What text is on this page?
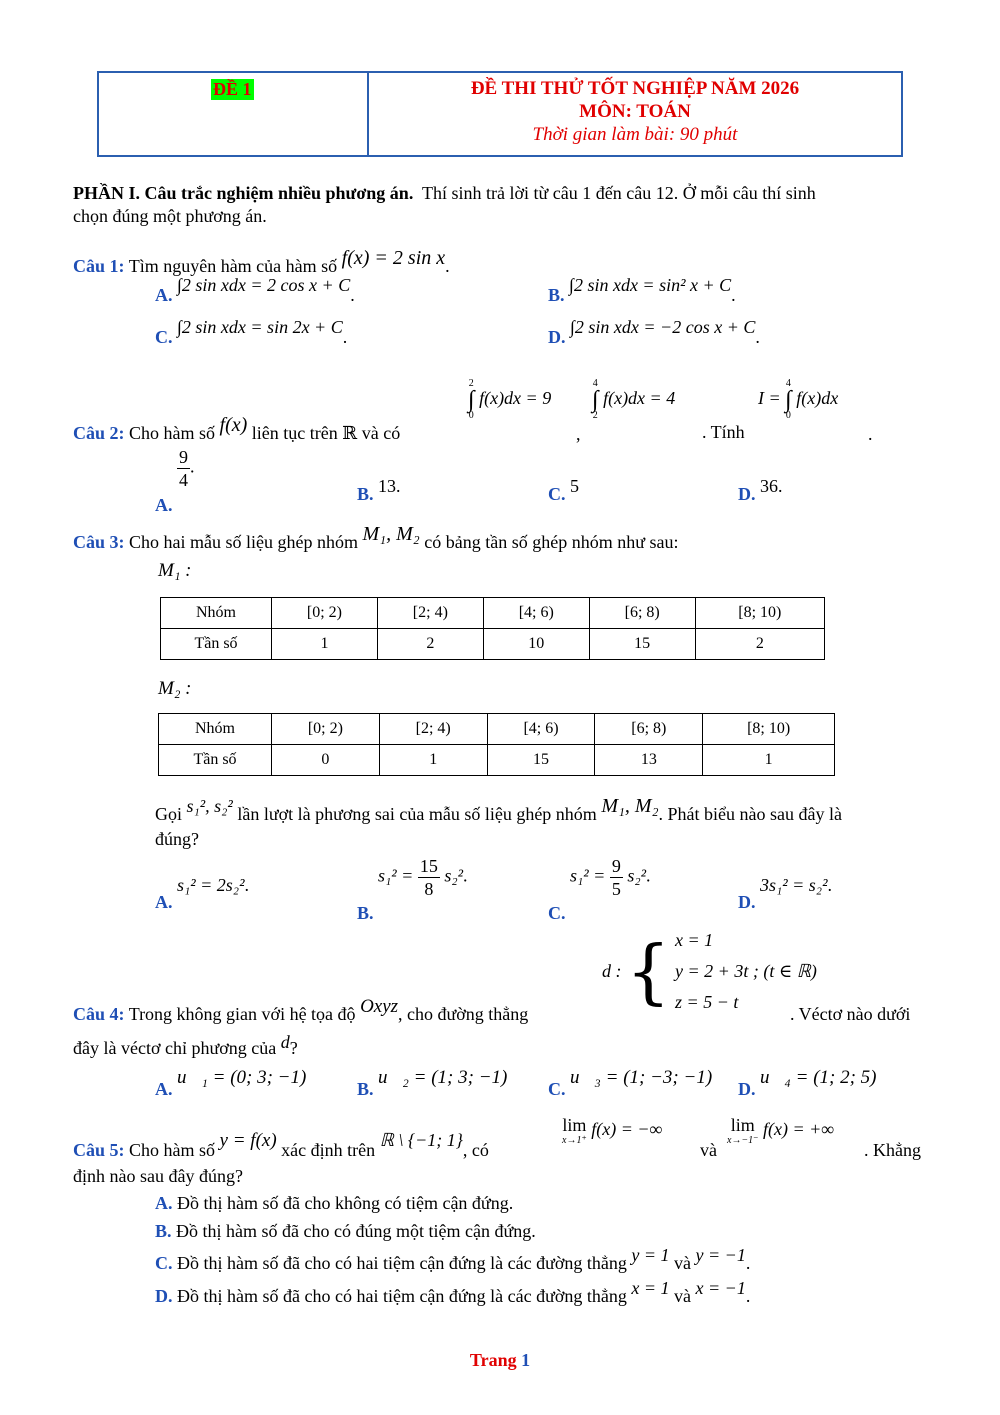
ĐỀ 1	ĐỀ THI THỬ TỐT NGHIỆP NĂM 2026
MÔN: TOÁN
Thời gian làm bài: 90 phút
PHẦN I. Câu trắc nghiệm nhiều phương án. Thí sinh trả lời từ câu 1 đến câu 12. Ở mỗi câu thí sinh
chọn đúng một phương án.
Câu 1: Tìm nguyên hàm của hàm số f(x) = 2 sin x.
A. ∫2 sin xdx = 2 cos x + C.	B. ∫2 sin xdx = sin² x + C.
C. ∫2 sin xdx = sin 2x + C.	D. ∫2 sin xdx = −2 cos x + C.
Câu 2: Cho hàm số f(x) liên tục trên ℝ và có
2
∫
0
f(x)dx = 9
,
4
∫
2
f(x)dx = 4
. Tính
I =
4
∫
0
f(x)dx
.
A.
$\frac{9}{4}$ .
B. 13.	C. 5	D. 36.
Câu 3: Cho hai mẫu số liệu ghép nhóm M₁, M₂ có bảng tần số ghép nhóm như sau:
M₁ :
Nhóm	[0; 2)	[2; 4)	[4; 6)	[6; 8)	[8; 10)
Tần số	1	2	10	15	2
M₂ :
Nhóm	[0; 2)	[2; 4)	[4; 6)	[6; 8)	[8; 10)
Tần số	0	1	15	13	1
Gọi s₁², s₂² lần lượt là phương sai của mẫu số liệu ghép nhóm M₁, M₂. Phát biểu nào sau đây là
đúng?
A. s₁² = 2s₂².
B. $s_1^2 = \frac{15}{8} s_2^2$.
C. $s_1^2 = \frac{9}{5} s_2^2$.
D. 3s₁² = s₂².
d : { x = 1
y = 2 + 3t ; (t ∈ ℝ)
z = 5 − t
Câu 4: Trong không gian với hệ tọa độ Oxyz, cho đường thẳng	. Véctơ nào dưới
đây là véctơ chỉ phương của d?
A. u⃗₁ = (0; 3; −1)
B. u⃗₂ = (1; 3; −1)
C. u⃗₃ = (1; −3; −1)
D. u⃗₄ = (1; 2; 5)
Câu 5: Cho hàm số y = f(x) xác định trên ℝ \ {−1; 1}, có
lim
x→1⁺
f(x) = −∞
và
lim
x→−1⁻
f(x) = +∞
. Khẳng
định nào sau đây đúng?
A. Đồ thị hàm số đã cho không có tiệm cận đứng.
B. Đồ thị hàm số đã cho có đúng một tiệm cận đứng.
C. Đồ thị hàm số đã cho có hai tiệm cận đứng là các đường thẳng y = 1 và y = −1.
D. Đồ thị hàm số đã cho có hai tiệm cận đứng là các đường thẳng x = 1 và x = −1.
Trang 1
